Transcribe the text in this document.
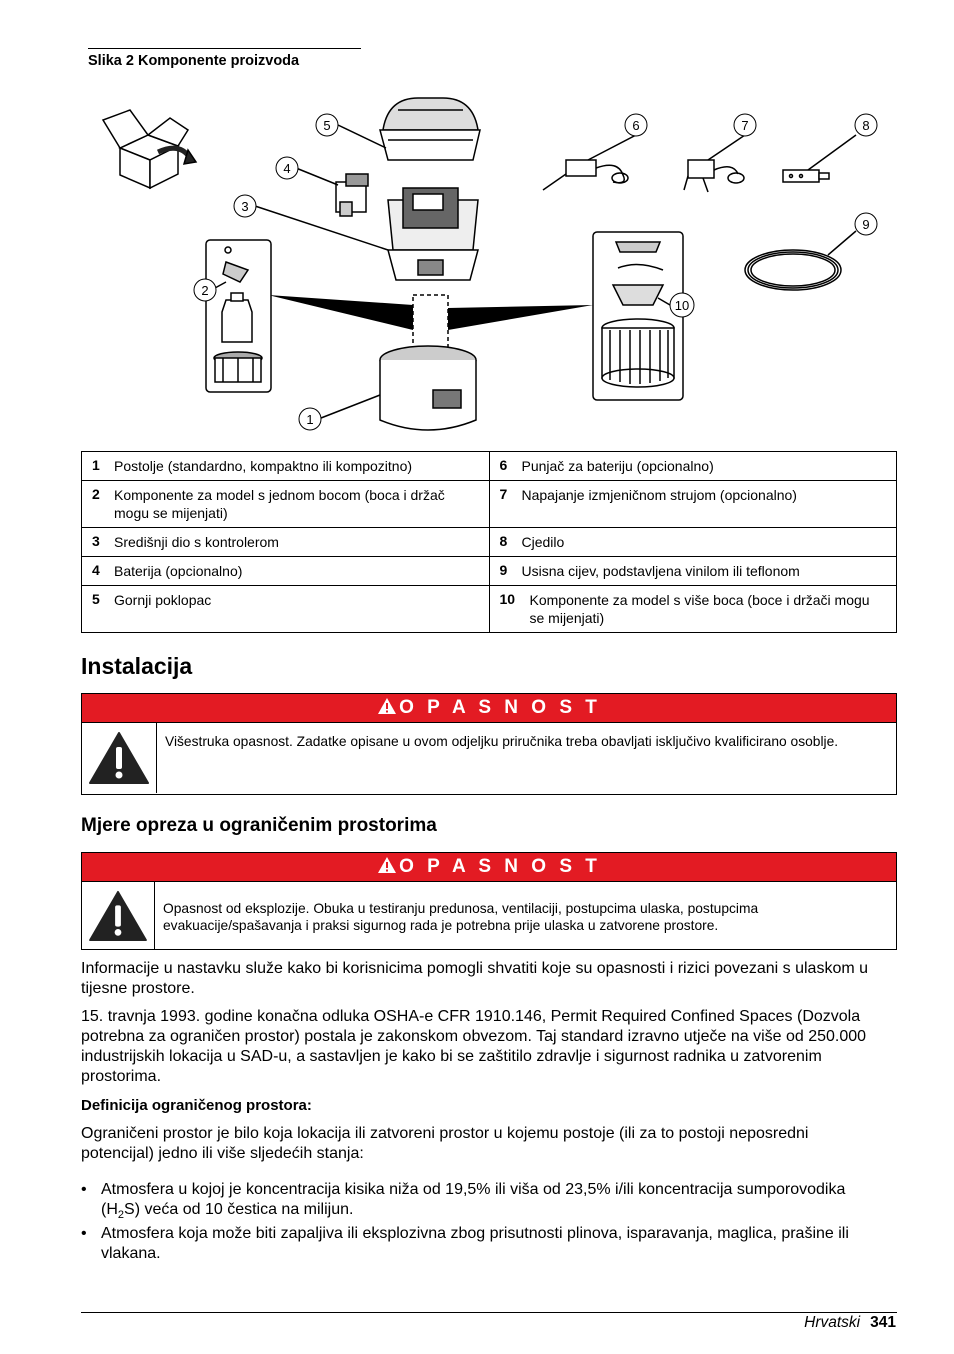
Slika 2 Komponente proizvoda
5
4
3
2
1
6	7	8
9
10
1 Postolje (standardno, kompaktno ili kompozitno)	6 Punjač za bateriju (opcionalno)
2 Komponente za model s jednom bocom (boca i držač mogu se mijenjati)	7 Napajanje izmjeničnom strujom (opcionalno)
3 Središnji dio s kontrolerom	8 Cjedilo
4 Baterija (opcionalno)	9 Usisna cijev, podstavljena vinilom ili teflonom
5 Gornji poklopac	10 Komponente za model s više boca (boce i držači mogu se mijenjati)
Instalacija
O P A S N O S T
Višestruka opasnost. Zadatke opisane u ovom odjeljku priručnika treba obavljati isključivo kvalificirano osoblje.
Mjere opreza u ograničenim prostorima
O P A S N O S T
Opasnost od eksplozije. Obuka u testiranju predunosa, ventilaciji, postupcima ulaska, postupcima evakuacije/spašavanja i praksi sigurnog rada je potrebna prije ulaska u zatvorene prostore.

Informacije u nastavku služe kako bi korisnicima pomogli shvatiti koje su opasnosti i rizici povezani s ulaskom u tijesne prostore.

15. travnja 1993. godine konačna odluka OSHA-e CFR 1910.146, Permit Required Confined Spaces (Dozvola potrebna za ograničen prostor) postala je zakonskom obvezom. Taj standard izravno utječe na više od 250.000 industrijskih lokacija u SAD-u, a sastavljen je kako bi se zaštitilo zdravlje i sigurnost radnika u zatvorenim prostorima.

Definicija ograničenog prostora:

Ograničeni prostor je bilo koja lokacija ili zatvoreni prostor u kojemu postoje (ili za to postoji neposredni potencijal) jedno ili više sljedećih stanja:

• Atmosfera u kojoj je koncentracija kisika niža od 19,5% ili viša od 23,5% i/ili koncentracija sumporovodika $(H_2S)$ veća od 10 čestica na milijun.
• Atmosfera koja može biti zapaljiva ili eksplozivna zbog prisutnosti plinova, isparavanja, maglica, prašine ili vlakana.
Hrvatski 341
